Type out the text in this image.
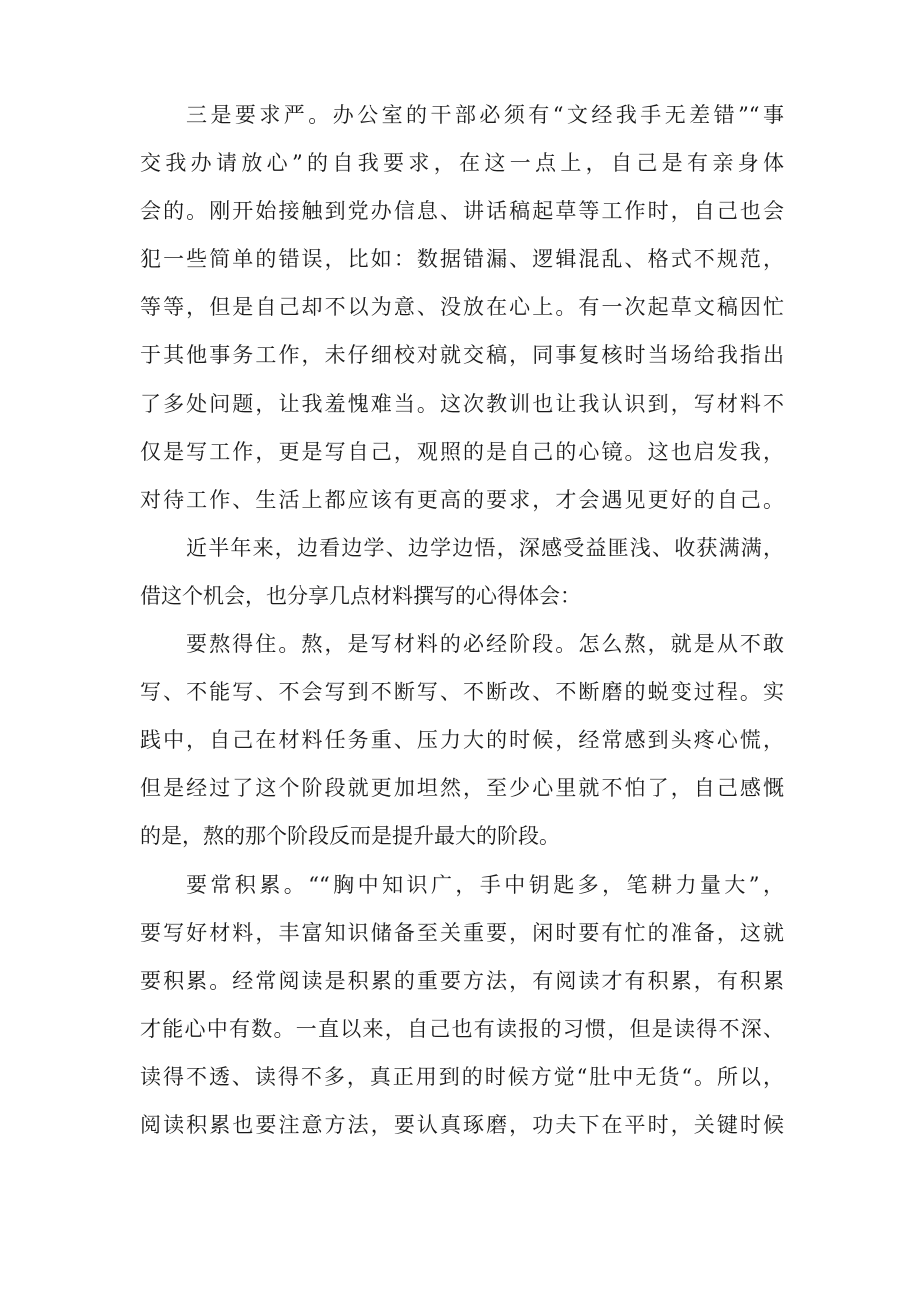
三是要求严。办公室的干部必须有“文经我手无差错”“事
交我办请放心”的自我要求，在这一点上，自己是有亲身体
会的。刚开始接触到党办信息、讲话稿起草等工作时，自己也会
犯一些简单的错误，比如：数据错漏、逻辑混乱、格式不规范，
等等，但是自己却不以为意、没放在心上。有一次起草文稿因忙
于其他事务工作，未仔细校对就交稿，同事复核时当场给我指出
了多处问题，让我羞愧难当。这次教训也让我认识到，写材料不
仅是写工作，更是写自己，观照的是自己的心镜。这也启发我，
对待工作、生活上都应该有更高的要求，才会遇见更好的自己。
近半年来，边看边学、边学边悟，深感受益匪浅、收获满满，
借这个机会，也分享几点材料撰写的心得体会：
要熬得住。熬，是写材料的必经阶段。怎么熬，就是从不敢
写、不能写、不会写到不断写、不断改、不断磨的蜕变过程。实
践中，自己在材料任务重、压力大的时候，经常感到头疼心慌，
但是经过了这个阶段就更加坦然，至少心里就不怕了，自己感慨
的是，熬的那个阶段反而是提升最大的阶段。
要常积累。““胸中知识广，手中钥匙多，笔耕力量大”，
要写好材料，丰富知识储备至关重要，闲时要有忙的准备，这就
要积累。经常阅读是积累的重要方法，有阅读才有积累，有积累
才能心中有数。一直以来，自己也有读报的习惯，但是读得不深、
读得不透、读得不多，真正用到的时候方觉“肚中无货“。所以，
阅读积累也要注意方法，要认真琢磨，功夫下在平时，关键时候
